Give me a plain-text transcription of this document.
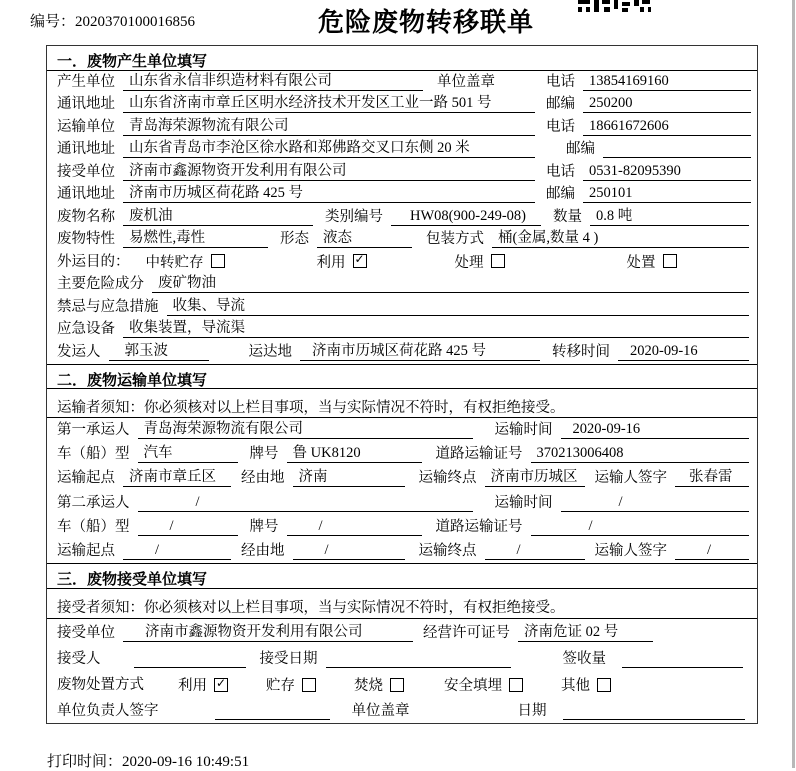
编号：2020370100016856	危险废物转移联单
一．废物产生单位填写
产生单位 山东省永信非织造材料有限公司	单位盖章	电话 13854169160
通讯地址 山东省济南市章丘区明水经济技术开发区工业一路 501 号	邮编 250200
运输单位 青岛海荣源物流有限公司	电话 18661672606
通讯地址 山东省青岛市李沧区徐水路和郑佛路交叉口东侧 20 米	邮编
接受单位 济南市鑫源物资开发利用有限公司	电话 0531-82095390
通讯地址 济南市历城区荷花路 425 号	邮编 250101
废物名称 废机油	类别编号	HW08(900-249-08)	数量 0.8 吨
废物特性 易燃性,毒性	形态 液态	包装方式 桶(金属,数量 4 )
外运目的： 中转贮存	利用 ✓	处理	处置
主要危险成分 废矿物油
禁忌与应急措施 收集、导流
应急设备 收集装置，导流渠
发运人	郭玉波	运达地	济南市历城区荷花路 425 号	转移时间	2020-09-16
二．废物运输单位填写
运输者须知：你必须核对以上栏目事项，当与实际情况不符时，有权拒绝接受。
第一承运人 青岛海荣源物流有限公司	运输时间	2020-09-16
车（船）型 汽车	牌号 鲁 UK8120	道路运输证号 370213006408
运输起点 济南市章丘区	经由地 济南	运输终点 济南市历城区	运输人签字	张春雷
第二承运人	/	运输时间	/
车（船）型	/	牌号	/	道路运输证号	/
运输起点	/	经由地	/	运输终点	/	运输人签字	/
三．废物接受单位填写
接受者须知：你必须核对以上栏目事项，当与实际情况不符时，有权拒绝接受。
接受单位	济南市鑫源物资开发利用有限公司	经营许可证号 济南危证 02 号
接受人	接受日期	签收量
废物处置方式 利用 ✓	贮存	焚烧	安全填埋	其他
单位负责人签字	单位盖章	日期
打印时间：2020-09-16 10:49:51
